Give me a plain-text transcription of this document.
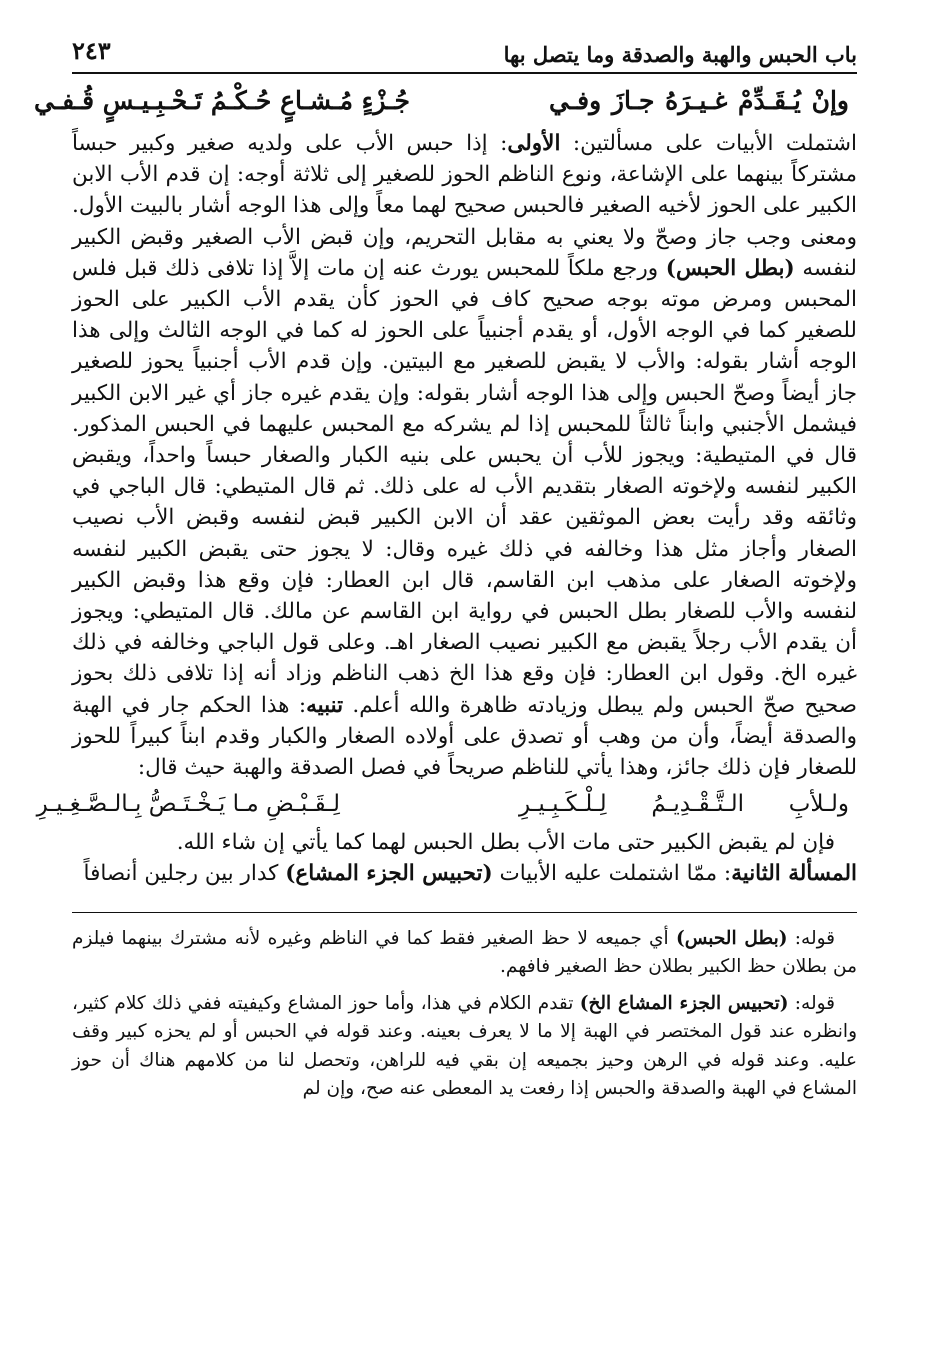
باب الحبس والهبة والصدقة وما يتصل بها
٢٤٣
وإنْ يُـقَـدِّمْ غـيـرَهُ جـازَ وفـي
جُـزْءٍ مُـشـاعٍ حُـكْـمُ تَـحْـبِـيـسٍ قُـفـي

اشتملت الأبيات على مسألتين: الأولى: إذا حبس الأب على ولديه صغير وكبير حبساً مشتركاً بينهما على الإشاعة، ونوع الناظم الحوز للصغير إلى ثلاثة أوجه: إن قدم الأب الابن الكبير على الحوز لأخيه الصغير فالحبس صحيح لهما معاً وإلى هذا الوجه أشار بالبيت الأول. ومعنى وجب جاز وصحّ ولا يعني به مقابل التحريم، وإن قبض الأب الصغير وقبض الكبير لنفسه (بطل الحبس) ورجع ملكاً للمحبس يورث عنه إن مات إلاَّ إذا تلافى ذلك قبل فلس المحبس ومرض موته بوجه صحيح كاف في الحوز كأن يقدم الأب الكبير على الحوز للصغير كما في الوجه الأول، أو يقدم أجنبياً على الحوز له كما في الوجه الثالث وإلى هذا الوجه أشار بقوله: والأب لا يقبض للصغير مع البيتين. وإن قدم الأب أجنبياً يحوز للصغير جاز أيضاً وصحّ الحبس وإلى هذا الوجه أشار بقوله: وإن يقدم غيره جاز أي غير الابن الكبير فيشمل الأجنبي وابناً ثالثاً للمحبس إذا لم يشركه مع المحبس عليهما في الحبس المذكور. قال في المتيطية: ويجوز للأب أن يحبس على بنيه الكبار والصغار حبساً واحداً، ويقبض الكبير لنفسه ولإخوته الصغار بتقديم الأب له على ذلك. ثم قال المتيطي: قال الباجي في وثائقه وقد رأيت بعض الموثقين عقد أن الابن الكبير قبض لنفسه وقبض الأب نصيب الصغار وأجاز مثل هذا وخالفه في ذلك غيره وقال: لا يجوز حتى يقبض الكبير لنفسه ولإخوته الصغار على مذهب ابن القاسم، قال ابن العطار: فإن وقع هذا وقبض الكبير لنفسه والأب للصغار بطل الحبس في رواية ابن القاسم عن مالك. قال المتيطي: ويجوز أن يقدم الأب رجلاً يقبض مع الكبير نصيب الصغار اهـ. وعلى قول الباجي وخالفه في ذلك غيره الخ. وقول ابن العطار: فإن وقع هذا الخ ذهب الناظم وزاد أنه إذا تلافى ذلك بحوز صحيح صحّ الحبس ولم يبطل وزيادته ظاهرة والله أعلم. تنبيه: هذا الحكم جار في الهبة والصدقة أيضاً، وأن من وهب أو تصدق على أولاده الصغار والكبار وقدم ابناً كبيراً للحوز للصغار فإن ذلك جائز، وهذا يأتي للناظم صريحاً في فصل الصدقة والهبة حيث قال:

ولـلأبِ الـتَّـقْـدِيـمُ لِـلْـكَـبِـيـرِ
لِـقَـبْـضِ مـا يَـخْـتَـصُّ بِـالـصَّـغِـيـرِ

فإن لم يقبض الكبير حتى مات الأب بطل الحبس لهما كما يأتي إن شاء الله.

المسألة الثانية: ممّا اشتملت عليه الأبيات (تحبيس الجزء المشاع) كدار بين رجلين أنصافاً

قوله: (بطل الحبس) أي جميعه لا حظ الصغير فقط كما في الناظم وغيره لأنه مشترك بينهما فيلزم من بطلان حظ الكبير بطلان حظ الصغير فافهم.

قوله: (تحبيس الجزء المشاع الخ) تقدم الكلام في هذا، وأما حوز المشاع وكيفيته ففي ذلك كلام كثير، وانظره عند قول المختصر في الهبة إلا ما لا يعرف بعينه. وعند قوله في الحبس أو لم يحزه كبير وقف عليه. وعند قوله في الرهن وحيز بجميعه إن بقي فيه للراهن، وتحصل لنا من كلامهم هناك أن حوز المشاع في الهبة والصدقة والحبس إذا رفعت يد المعطى عنه صح، وإن لم
